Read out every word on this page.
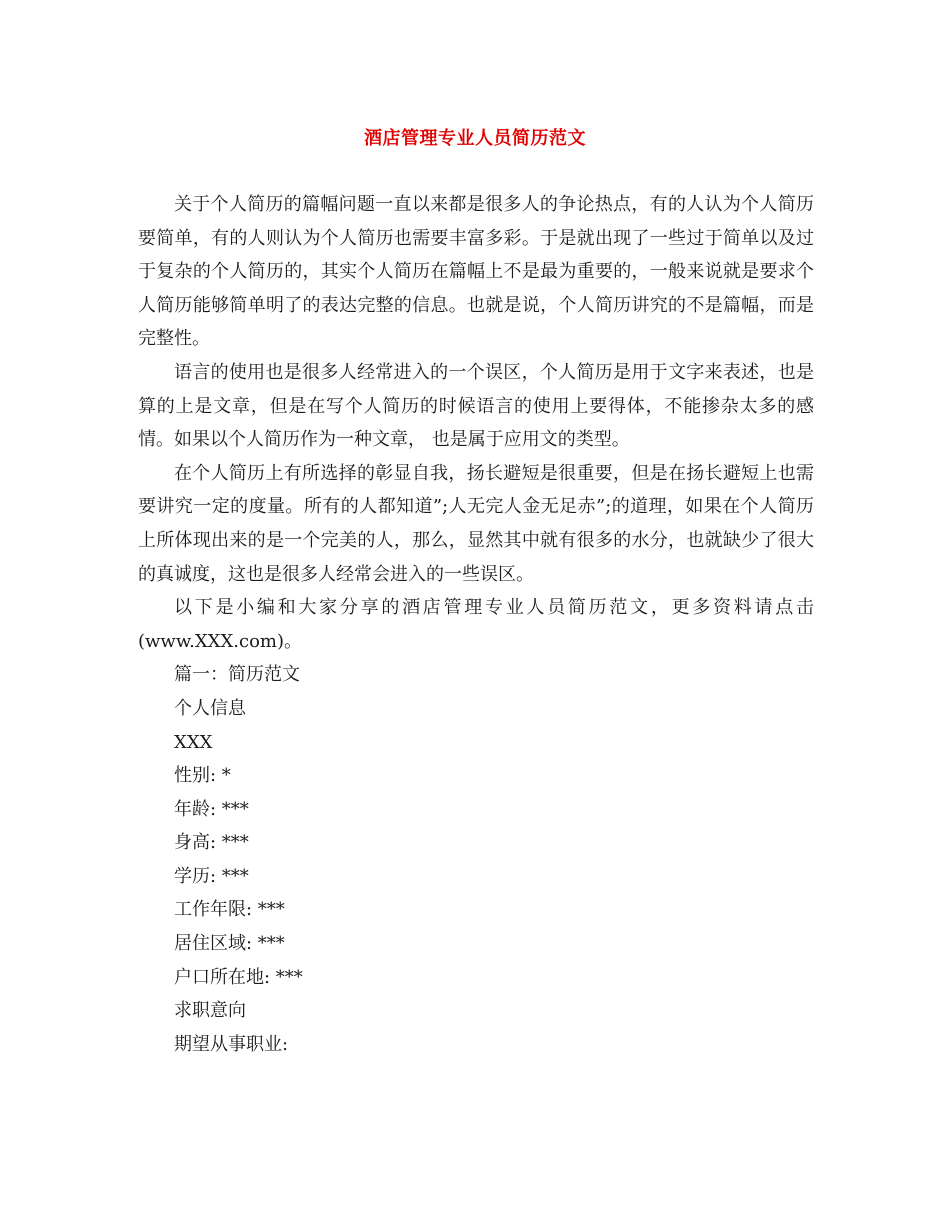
酒店管理专业人员简历范文

关于个人简历的篇幅问题一直以来都是很多人的争论热点，有的人认为个人简历要简单，有的人则认为个人简历也需要丰富多彩。于是就出现了一些过于简单以及过于复杂的个人简历的，其实个人简历在篇幅上不是最为重要的，一般来说就是要求个人简历能够简单明了的表达完整的信息。也就是说，个人简历讲究的不是篇幅，而是完整性。

语言的使用也是很多人经常进入的一个误区，个人简历是用于文字来表述，也是算的上是文章，但是在写个人简历的时候语言的使用上要得体，不能掺杂太多的感情。如果以个人简历作为一种文章， 也是属于应用文的类型。

在个人简历上有所选择的彰显自我，扬长避短是很重要，但是在扬长避短上也需要讲究一定的度量。所有的人都知道”;人无完人金无足赤”;的道理，如果在个人简历上所体现出来的是一个完美的人，那么，显然其中就有很多的水分，也就缺少了很大的真诚度，这也是很多人经常会进入的一些误区。

以下是小编和大家分享的酒店管理专业人员简历范文，更多资料请点击(www.XXX.com)。

篇一：简历范文

个人信息

XXX

性别: *

年龄: ***

身高: ***

学历: ***

工作年限: ***

居住区域: ***

户口所在地: ***

求职意向

期望从事职业:
